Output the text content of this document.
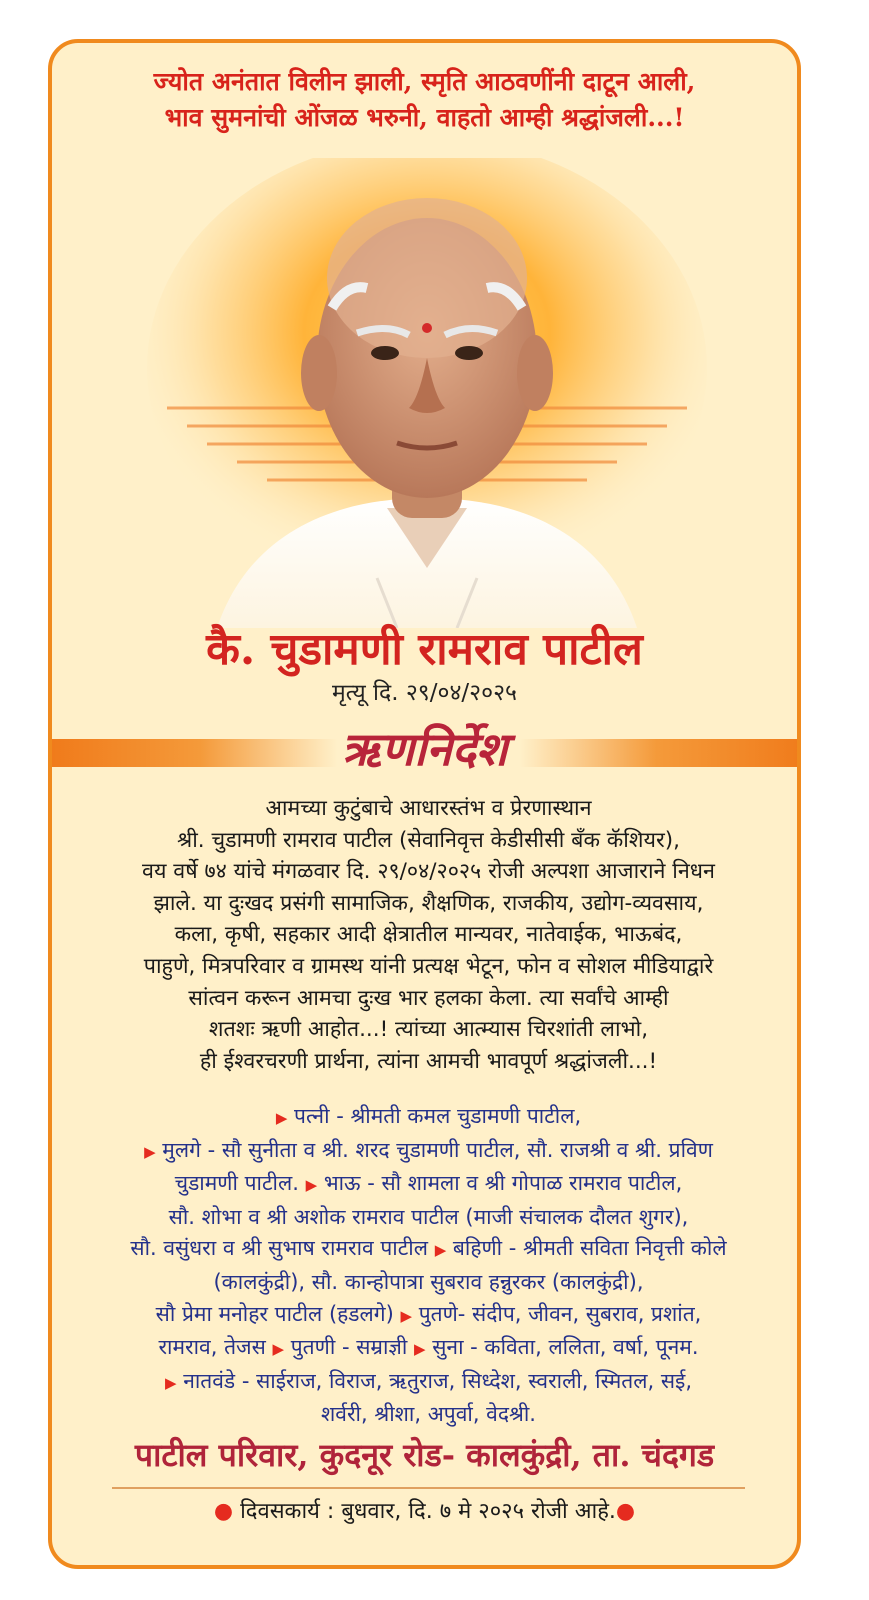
ज्योत अनंतात विलीन झाली, स्मृति आठवणींनी दाटून आली,
भाव सुमनांची ओंजळ भरुनी, वाहतो आम्ही श्रद्धांजली...!
कै. चुडामणी रामराव पाटील
मृत्यू दि. २९/०४/२०२५
ऋणनिर्देश
आमच्या कुटुंबाचे आधारस्तंभ व प्रेरणास्थान
श्री. चुडामणी रामराव पाटील (सेवानिवृत्त केडीसीसी बँक कॅशियर),
वय वर्षे ७४ यांचे मंगळवार दि. २९/०४/२०२५ रोजी अल्पशा आजाराने निधन
झाले. या दुःखद प्रसंगी सामाजिक, शैक्षणिक, राजकीय, उद्योग-व्यवसाय,
कला, कृषी, सहकार आदी क्षेत्रातील मान्यवर, नातेवाईक, भाऊबंद,
पाहुणे, मित्रपरिवार व ग्रामस्थ यांनी प्रत्यक्ष भेटून, फोन व सोशल मीडियाद्वारे
सांत्वन करून आमचा दुःख भार हलका केला. त्या सर्वांचे आम्ही
शतशः ऋणी आहोत...! त्यांच्या आत्म्यास चिरशांती लाभो,
ही ईश्वरचरणी प्रार्थना, त्यांना आमची भावपूर्ण श्रद्धांजली...!
▶ पत्नी - श्रीमती कमल चुडामणी पाटील,
▶ मुलगे - सौ सुनीता व श्री. शरद चुडामणी पाटील, सौ. राजश्री व श्री. प्रविण
चुडामणी पाटील. ▶ भाऊ - सौ शामला व श्री गोपाळ रामराव पाटील,
सौ. शोभा व श्री अशोक रामराव पाटील (माजी संचालक दौलत शुगर),
सौ. वसुंधरा व श्री सुभाष रामराव पाटील ▶ बहिणी - श्रीमती सविता निवृत्ती कोले
(कालकुंद्री), सौ. कान्होपात्रा सुबराव हन्नुरकर (कालकुंद्री),
सौ प्रेमा मनोहर पाटील (हडलगे) ▶ पुतणे- संदीप, जीवन, सुबराव, प्रशांत,
रामराव, तेजस ▶ पुतणी - सम्राज्ञी ▶ सुना - कविता, ललिता, वर्षा, पूनम.
▶ नातवंडे - साईराज, विराज, ऋतुराज, सिध्देश, स्वराली, स्मितल, सई,
शर्वरी, श्रीशा, अपुर्वा, वेदश्री.
पाटील परिवार, कुदनूर रोड- कालकुंद्री, ता. चंदगड
● दिवसकार्य : बुधवार, दि. ७ मे २०२५ रोजी आहे.●
